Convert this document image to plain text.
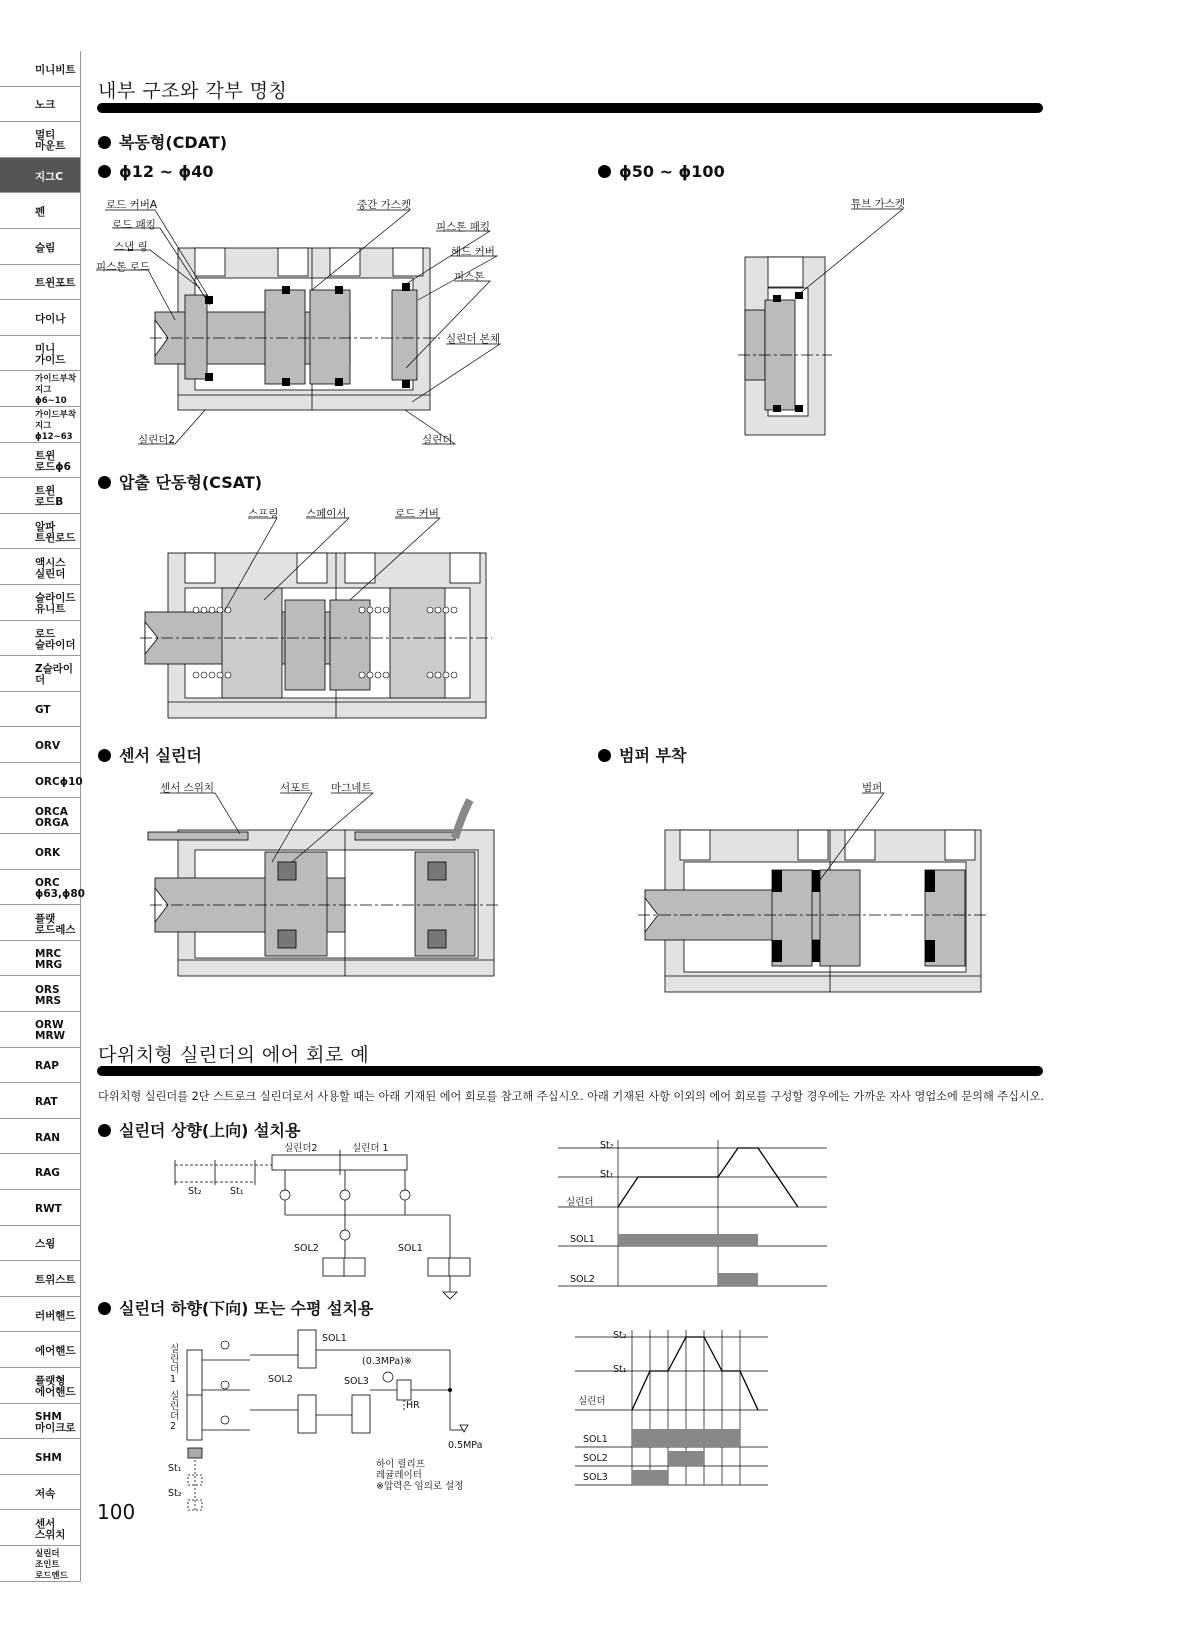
미니비트
노크
멀티
마운트
지그C
펜
슬림
트윈포트
다이나
미니
가이드
가이드부착지그
ϕ6~10
가이드부착지그
ϕ12~63
트윈
로드ϕ6
트윈
로드B
알파
트윈로드
액시스
실린더
슬라이드
유니트
로드
슬라이더
Z슬라이더
GT
ORV
ORCϕ10
ORCA
ORGA
ORK
ORC
ϕ63,ϕ80
플랫
로드레스
MRC
MRG
ORS
MRS
ORW
MRW
RAP
RAT
RAN
RAG
RWT
스윙
트위스트
러버핸드
에어핸드
플랫형
에어핸드
SHM
마이크로
SHM
저속
센서
스위치
실린더
조인트
로드엔드
내부 구조와 각부 명칭
복동형(CDAT)
ϕ12 ~ ϕ40	ϕ50 ~ ϕ100
로드 커버A
로드 패킹
스냅 링
피스톤 로드
중간 가스켓
피스톤 패킹
헤드 커버
피스톤
실린더 본체
실린더2	실린더
튜브 가스켓
압출 단동형(CSAT)
스프링	스페이서	로드 커버
센서 실린더
센서 스위치	서포트 마그네트
범퍼 부착
범퍼
다위치형 실린더의 에어 회로 예
다위치형 실린더를 2단 스트로크 실린더로서 사용할 때는 아래 기재된 에어 회로를 참고해 주십시오. 아래 기재된 사항 이외의 에어 회로를 구성할 경우에는 가까운 자사 영업소에 문의해 주십시오.
실린더 상향(上向) 설치용
실린더2	실린더 1
St₂	St₁
SOL2	SOL1
St₂
St₁
실린더
SOL1
SOL2
실린더 하향(下向) 또는 수평 설치용
실
린
더
1
실
린
더
2
SOL1
SOL2	SOL3
(0.3MPa)※
HR
0.5MPa
St₁
St₂
하이 릴리프
레귤레이터
※압력은 임의로 설정
St₂
St₁
실린더
SOL1
SOL2
SOL3
100
